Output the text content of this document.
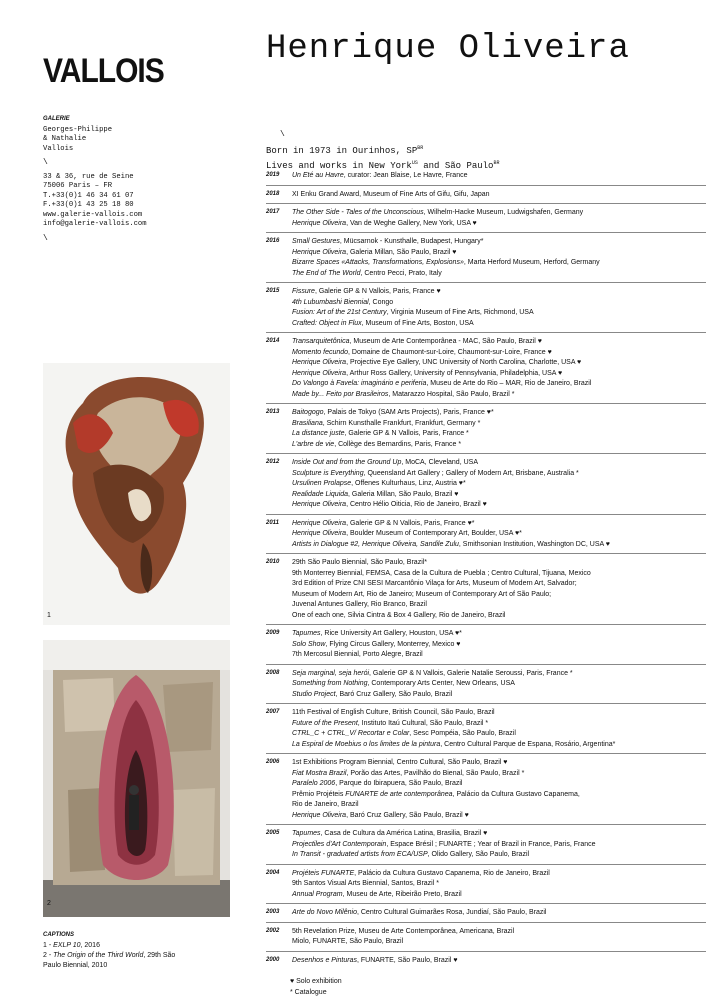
VALLOIS
Henrique Oliveira
GALERIE
Georges-Philippe
& Nathalie
Vallois
\
33 & 36, rue de Seine
75006 Paris – FR
T.+33(0)1 46 34 61 07
F.+33(0)1 43 25 18 80
www.galerie-vallois.com
info@galerie-vallois.com
\
\
Born in 1973 in Ourinhos, $SP^{BR}$
Lives and works in New York$^{US}$ and São Paulo$^{BR}$
2019	Un Eté au Havre, curator: Jean Blaise, Le Havre, France
2018	XI Enku Grand Award, Museum of Fine Arts of Gifu, Gifu, Japan
2017	The Other Side - Tales of the Unconscious, Wilhelm-Hacke Museum, Ludwigshafen, Germany
Henrique Oliveira, Van de Weghe Gallery, New York, USA ♥
2016	Small Gestures, Mücsarnok - Kunsthalle, Budapest, Hungary*
Henrique Oliveira, Galeria Millan, São Paulo, Brazil ♥
Bizarre Spaces «Attacks, Transformations, Explosions», Marta Herford Museum, Herford, Germany
The End of The World, Centro Pecci, Prato, Italy
2015	Fissure, Galerie GP & N Vallois, Paris, France ♥
4th Lubumbashi Biennial, Congo
Fusion: Art of the 21st Century, Virginia Museum of Fine Arts, Richmond, USA
Crafted: Object in Flux, Museum of Fine Arts, Boston, USA
2014	Transarquitetônica, Museum de Arte Contemporânea - MAC, São Paulo, Brazil ♥
Momento fecundo, Domaine de Chaumont-sur-Loire, Chaumont-sur-Loire, France ♥
Henrique Oliveira, Projective Eye Gallery, UNC University of North Carolina, Charlotte, USA ♥
Henrique Oliveira, Arthur Ross Gallery, University of Pennsylvania, Philadelphia, USA ♥
Do Valongo à Favela: imaginário e periferia, Museu de Arte do Rio – MAR, Rio de Janeiro, Brazil
Made by... Feito por Brasileiros, Matarazzo Hospital, São Paulo, Brazil *
2013	Baitogogo, Palais de Tokyo (SAM Arts Projects), Paris, France ♥*
Brasiliana, Schirn Kunsthalle Frankfurt, Frankfurt, Germany *
La distance juste, Galerie GP & N Vallois, Paris, France *
L'arbre de vie, Collège des Bernardins, Paris, France *
2012	Inside Out and from the Ground Up, MoCA, Cleveland, USA
Sculpture is Everything, Queensland Art Gallery ; Gallery of Modern Art, Brisbane, Australia *
Ursulinen Prolapse, Offenes Kulturhaus, Linz, Austria ♥*
Realidade Liquida, Galeria Millan, São Paulo, Brazil ♥
Henrique Oliveira, Centro Hélio Oiticia, Rio de Janeiro, Brazil ♥
2011	Henrique Oliveira, Galerie GP & N Vallois, Paris, France ♥*
Henrique Oliveira, Boulder Museum of Contemporary Art, Boulder, USA ♥*
Artists in Dialogue #2, Henrique Oliveira, Sandile Zulu, Smithsonian Institution, Washington DC, USA ♥
2010	29th São Paulo Biennial, São Paulo, Brazil*
9th Monterrey Biennial, FEMSA, Casa de la Cultura de Puebla ; Centro Cultural, Tijuana, Mexico
3rd Edition of Prize CNI SESI Marcantônio Vilaça for Arts, Museum of Modern Art, Salvador;
Museum of Modern Art, Rio de Janeiro; Museum of Contemporary Art of São Paulo;
Juvenal Antunes Gallery, Rio Branco, Brazil
One of each one, Silvia Cintra & Box 4 Gallery, Rio de Janeiro, Brazil
2009	Tapumes, Rice University Art Gallery, Houston, USA ♥*
Solo Show, Flying Circus Gallery, Monterrey, Mexico ♥
7th Mercosul Biennial, Porto Alegre, Brazil
2008	Seja marginal, seja herói, Galerie GP & N Vallois, Galerie Natalie Seroussi, Paris, France *
Something from Nothing, Contemporary Arts Center, New Orleans, USA
Studio Project, Baró Cruz Gallery, São Paulo, Brazil
2007	11th Festival of English Culture, British Council, São Paulo, Brazil
Future of the Present, Instituto Itaú Cultural, São Paulo, Brazil *
CTRL_C + CTRL_V/ Recortar e Colar, Sesc Pompéia, São Paulo, Brazil
La Espiral de Moebius o los limites de la pintura, Centro Cultural Parque de Espana, Rosário, Argentina*
2006	1st Exhibitions Program Biennial, Centro Cultural, São Paulo, Brazil ♥
Fiat Mostra Brazil, Porão das Artes, Pavilhão do Bienal, São Paulo, Brazil *
Paralelo 2006, Parque do Ibirapuera, São Paulo, Brazil
Prêmio Projéteis FUNARTE de arte contemporânea, Palácio da Cultura Gustavo Capanema,
Rio de Janeiro, Brazil
Henrique Oliveira, Baró Cruz Gallery, São Paulo, Brazil ♥
2005	Tapumes, Casa de Cultura da América Latina, Brasilia, Brazil ♥
Projectiles d'Art Contemporain, Espace Brésil ; FUNARTE ; Year of Brazil in France, Paris, France
In Transit - graduated artists from ECA/USP, Olido Gallery, São Paulo, Brazil
2004	Projéteis FUNARTE, Palácio da Cultura Gustavo Capanema, Rio de Janeiro, Brazil
9th Santos Visual Arts Biennial, Santos, Brazil *
Annual Program, Museu de Arte, Ribeirão Preto, Brazil
2003	Arte do Novo Milênio, Centro Cultural Guimarães Rosa, Jundiaí, São Paulo, Brazil
2002	5th Revelation Prize, Museu de Arte Contemporânea, Americana, Brazil
Miolo, FUNARTE, São Paulo, Brazil
2000	Desenhos e Pinturas, FUNARTE, São Paulo, Brazil ♥
1
2
CAPTIONS
1 - EXLP 10, 2016
2 - The Origin of the Third World, 29th São
Paulo Biennial, 2010
♥ Solo exhibition
* Catalogue
